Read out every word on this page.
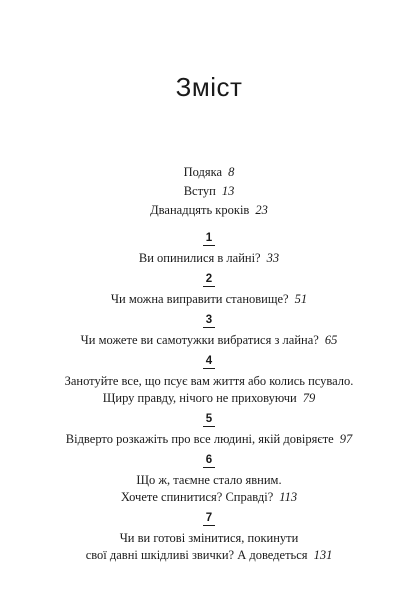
Зміст
Подяка 8
Вступ 13
Дванадцять кроків 23
1
Ви опинилися в лайні? 33
2
Чи можна виправити становище? 51
3
Чи можете ви самотужки вибратися з лайна? 65
4
Занотуйте все, що псує вам життя або колись псувало.
Щиру правду, нічого не приховуючи 79
5
Відверто розкажіть про все людині, якій довіряєте 97
6
Що ж, таємне стало явним.
Хочете спинитися? Справді? 113
7
Чи ви готові змінитися, покинути
свої давні шкідливі звички? А доведеться 131
